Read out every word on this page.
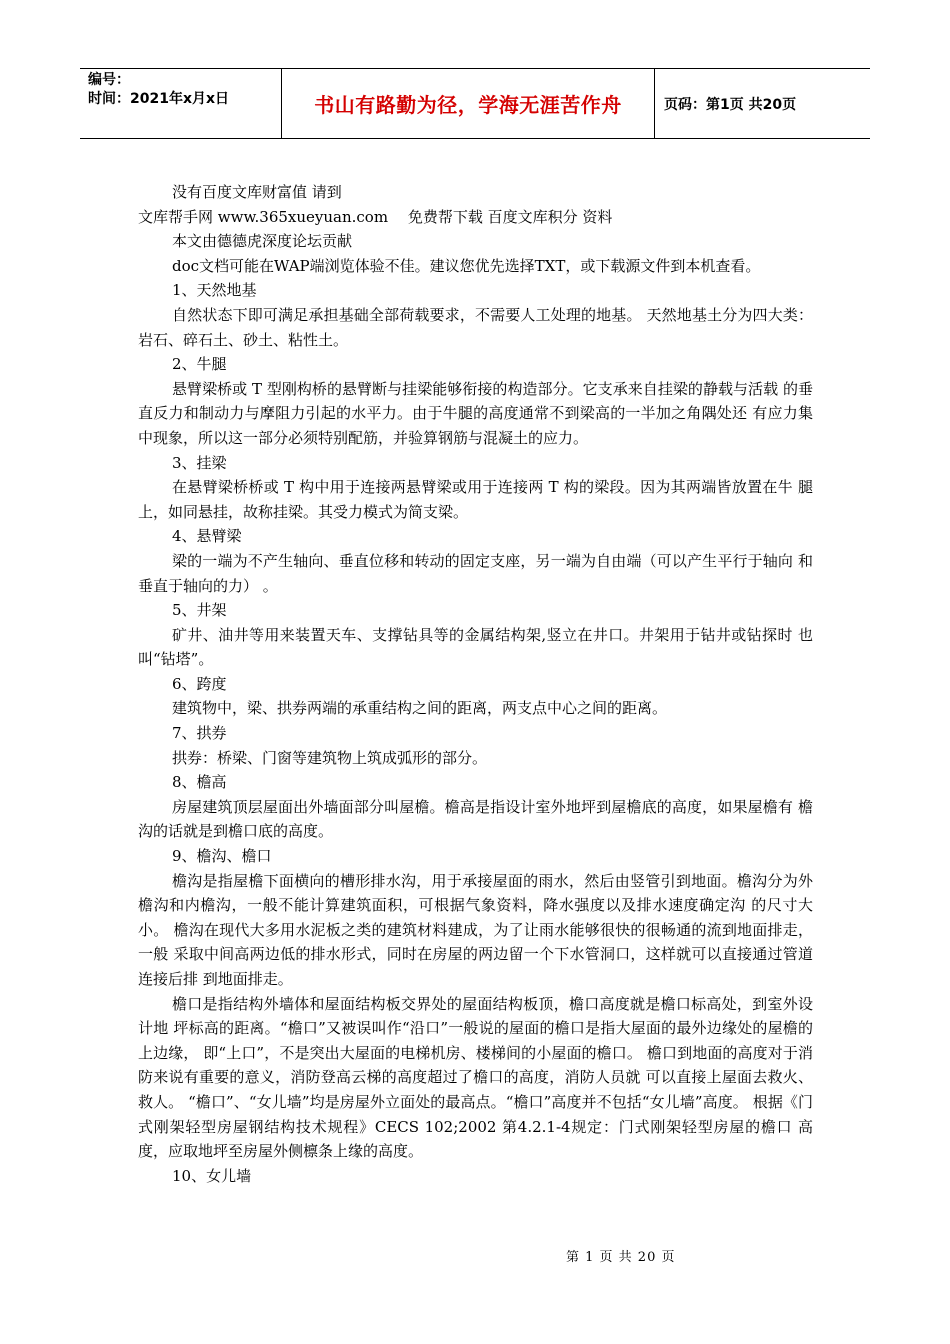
编号：
时间：2021年x月x日	书山有路勤为径，学海无涯苦作舟	页码：第1页 共20页

没有百度文库财富值 请到

文库帮手网 www.365xueyuan.com　 免费帮下载 百度文库积分 资料

本文由德德虎深度论坛贡献

doc文档可能在WAP端浏览体验不佳。建议您优先选择TXT，或下载源文件到本机查看。

1、天然地基

自然状态下即可满足承担基础全部荷载要求，不需要人工处理的地基。 天然地基土分为四大类：岩石、碎石土、砂土、粘性土。

2、牛腿

悬臂梁桥或 T 型刚构桥的悬臂断与挂梁能够衔接的构造部分。它支承来自挂梁的静载与活载 的垂直反力和制动力与摩阻力引起的水平力。由于牛腿的高度通常不到梁高的一半加之角隅处还 有应力集中现象，所以这一部分必须特别配筋，并验算钢筋与混凝土的应力。

3、挂梁

在悬臂梁桥桥或 T 构中用于连接两悬臂梁或用于连接两 T 构的梁段。因为其两端皆放置在牛 腿上，如同悬挂，故称挂梁。其受力模式为简支梁。

4、悬臂梁

梁的一端为不产生轴向、垂直位移和转动的固定支座，另一端为自由端（可以产生平行于轴向 和垂直于轴向的力） 。

5、井架

矿井、油井等用来装置天车、支撑钻具等的金属结构架,竖立在井口。井架用于钻井或钻探时 也叫“钻塔”。

6、跨度

建筑物中，梁、拱券两端的承重结构之间的距离，两支点中心之间的距离。

7、拱券

拱券：桥梁、门窗等建筑物上筑成弧形的部分。

8、檐高

房屋建筑顶层屋面出外墙面部分叫屋檐。檐高是指设计室外地坪到屋檐底的高度，如果屋檐有 檐沟的话就是到檐口底的高度。

9、檐沟、檐口

檐沟是指屋檐下面横向的槽形排水沟，用于承接屋面的雨水，然后由竖管引到地面。檐沟分为外檐沟和内檐沟，一般不能计算建筑面积，可根据气象资料，降水强度以及排水速度确定沟 的尺寸大小。 檐沟在现代大多用水泥板之类的建筑材料建成，为了让雨水能够很快的很畅通的流到地面排走，一般 采取中间高两边低的排水形式，同时在房屋的两边留一个下水管洞口，这样就可以直接通过管道连接后排 到地面排走。

檐口是指结构外墙体和屋面结构板交界处的屋面结构板顶，檐口高度就是檐口标高处，到室外设计地 坪标高的距离。“檐口”又被误叫作“沿口”一般说的屋面的檐口是指大屋面的最外边缘处的屋檐的上边缘， 即“上口”，不是突出大屋面的电梯机房、楼梯间的小屋面的檐口。 檐口到地面的高度对于消防来说有重要的意义，消防登高云梯的高度超过了檐口的高度，消防人员就 可以直接上屋面去救火、救人。 “檐口”、“女儿墙”均是房屋外立面处的最高点。“檐口”高度并不包括“女儿墙”高度。 根据《门式刚架轻型房屋钢结构技术规程》CECS 102;2002 第4.2.1-4规定：门式刚架轻型房屋的檐口 高度，应取地坪至房屋外侧檩条上缘的高度。

10、女儿墙

第 1 页 共 20 页
